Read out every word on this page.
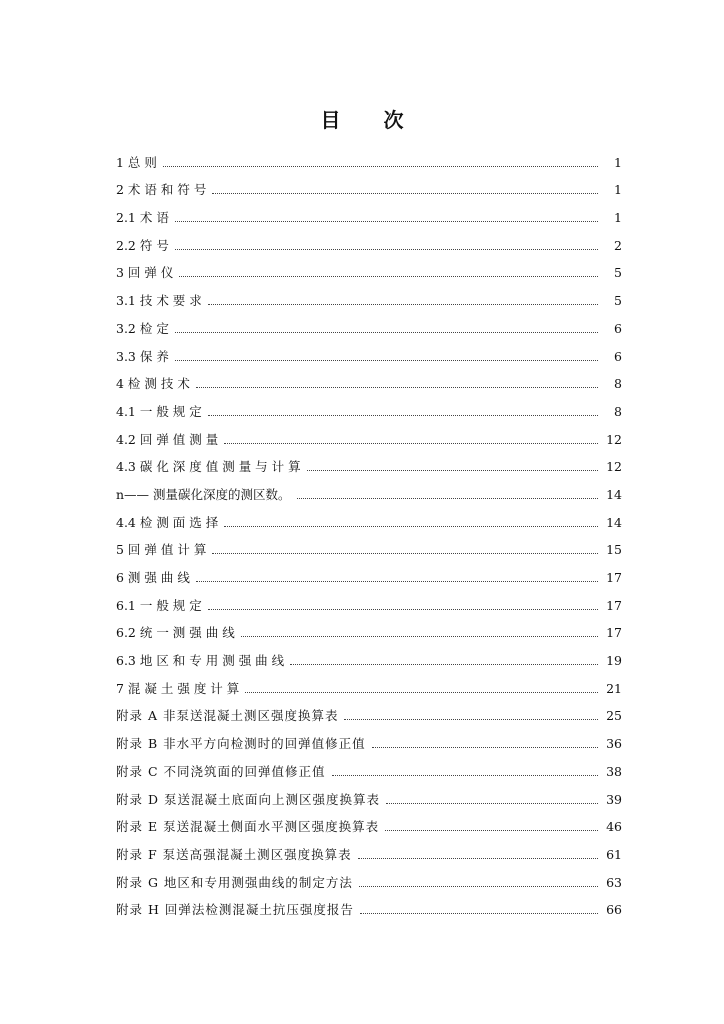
目 次
1 总 则	1
2 术 语 和 符 号	1
2.1 术 语	1
2.2 符 号	2
3 回 弹 仪	5
3.1 技 术 要 求	5
3.2 检 定	6
3.3 保 养	6
4 检 测 技 术	8
4.1 一 般 规 定	8
4.2 回 弹 值 测 量	12
4.3 碳 化 深 度 值 测 量 与 计 算	12
n—— 测量碳化深度的测区数。	14
4.4 检 测 面 选 择	14
5 回 弹 值 计 算	15
6 测 强 曲 线	17
6.1 一 般 规 定	17
6.2 统 一 测 强 曲 线	17
6.3 地 区 和 专 用 测 强 曲 线	19
7 混 凝 土 强 度 计 算	21
附录 A 非泵送混凝土测区强度换算表	25
附录 B 非水平方向检测时的回弹值修正值	36
附录 C 不同浇筑面的回弹值修正值	38
附录 D 泵送混凝土底面向上测区强度换算表	39
附录 E 泵送混凝土侧面水平测区强度换算表	46
附录 F 泵送高强混凝土测区强度换算表	61
附录 G 地区和专用测强曲线的制定方法	63
附录 H 回弹法检测混凝土抗压强度报告	66
